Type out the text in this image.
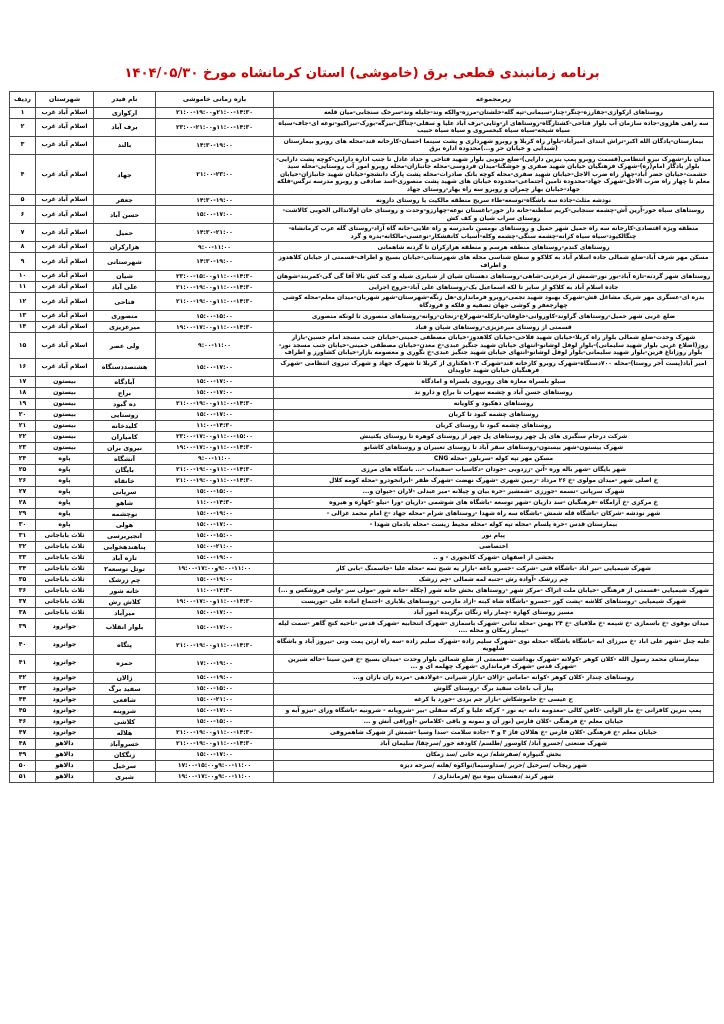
برنامه زمانبندی قطعی برق (خاموشی) استان کرمانشاه مورخ ۱۴۰۴/۰۵/۳۰
زیرمجموعه	بازه زمانی خاموشی	نام فیدر	شهرستان	ردیف
روستاهای ارکوازی-جفارزه-چنگر-چنار-سیمانی-تپه گله-خلشتان-مرزه-والکه وند-جلیله وند-سرخک سنجابی-میان قلعه	۲۱:۰۰-۱۴:۳۰و۱۹:۰۰-۲۱:۰۰	ارکوازی	اسلام آباد غرب	۱
سه راهی هلزوی-جاده سازمان آب بلوار فتاحی-کشتارگاه-روستاهای ار-وثایی-برف آباد علیا و سفلی-چتاگل-بیرگه-بورک-نبراکیو-نوعه ای-جاف-سیاه سیاه شیخه-سیاه سیاه کبخسروی و سیاه سیاه حبیب	۱۱:۰۰-۱۴:۳۰و۲۱:۰۰-۲۳:۰۰	برف آباد	اسلام آباد غرب	۲
بیمارستان-پادگان الله اکبر-تراش ابتدای امیرآباد-بلوار راه کربلا و روبرو شهرداری و پشت سینما احسان-کارخانه قند-محله های روبرو بیمارستان (شیدایی و خیابان حر و...)محدوده اداره برق	۱۴:۳۰-۱۹:۰۰	بالند	اسلام آباد غرب	۳
میدان بار-شهرک نیرو انتظامی(قسمت روبرو پمپ بنزین دارایی)-ضلع جنوبی بلوار شهید فتاحی و حداد عادل تا جنب اداره دارایی-کوچه پشت دارایی-بلوار یادگار امام(ره)-شهرک فرهنگیان خیابان شهید صفری و خوشگنا-میدان فردوسی-محله جانبازان-محله روبرو امور آب روستایی-محله سید حشمت-خیابان خضر آباد-چهار راه ضرب الاجل-خیابان شهید صفری-محله کوچه بانک صادرات-محله پشت پارک دانشجو-خیابان شهید جانبازان-خیابان معلم تا چهار راه ضرب الاجل-شهرک جهاد-محدوده تامین اجتماعی-محدوده خیابان های شهید پشت منصوری-اسد صادقی و روبرو مدرسه نرگس-فلکه جهاد-خیابان بهار چمران و روبرو سه راه بهار-روستای جهاد	۲۱:۰۰-۲۳:۰۰	جهاد	اسلام آباد غرب	۴
نودشه مثلث-جاده سه باشگاه-توسعه-طاء سریح منطقه مالکیت یا روستای دارونه	۱۴:۳۰-۱۹:۰۰	جعفر	اسلام آباد غرب	۵
روستاهای سیاه خور-آرین آش-چشمه سنجابی-کریم سلطنه-خانه دار خور-باغستان نوعه-چهارزو-وحدت و روستای خان اولاندالی الخوبی کالاشت-روستای سراب شیان و کف کش	۱۵:۰۰-۱۷:۰۰	حسن آباد	اسلام آباد غرب	۶
منطقه ویژه اقتصادی-کارخانه سه راه حمیل شهر حمیل و روستاهای بومسن نامدرسه و راه علایی-خانه گاه آزاد-روستای گله عرب کرمانشاه-چنگالکیود-سیاه سیاه کرانه-چشمه سنگی-چشمه وکله-آسیاب کانفشکار-نوعسی-مالکانه-بدره و گرد	۱۴:۳۰-۲۱:۰۰	حمیل	اسلام آباد غرب	۷
روستاهای کندم-روستاهای منطقه هرسم و منطقه هزارکران تا گردنه شاهمانی	۹:۰۰-۱۱:۰۰	هزارکران	اسلام آباد غرب	۸
مسکن مهر شرف آباد-ضلع شمالی جاده اسلام آباد به کلاکو و سطح شناسی محله های شهرستانی-خیابان بسیج و اطراف-قسمتی از خیابان کلاهدوز و اطراف	۱۴:۳۰-۱۹:۰۰	شهرستانی	اسلام آباد غرب	۹
روستاهای شهر گردنه-تازه آباد-بور نور-شمش از مرغزنی-شاهی-روستاهای دهستان شیان از شبابری شیله و کت کش بالا آقا گی گی-کمربند-شوهان	۱۱:۰۰-۱۴:۳۰و۱۵:۰۰-۲۳:۰۰	شیان	اسلام آباد غرب	۱۰
جاده اسلام آباد به کلاکو از سایر تا لکه اسماعیل یک-روستاهای علی آباد-خروج اجرایی	۱۱:۰۰-۱۴:۳۰و۱۹:۰۰-۲۱:۰۰	علی آباد	اسلام آباد غرب	۱۱
بدره ای-عسگری مهر شریک مشاغل قش-شهرک بهبود شهید تجمی-روبرو فرمانداری-هل زنگه-شهرستان-شهر شهربان-میدان معلم-محله کوشی چهارجعفر و کوشی جهان تصفیه و فلکه و فرودگاه	۱۱:۰۰-۱۴:۳۰و۱۹:۰۰-۲۱:۰۰	فتاحی	اسلام آباد غرب	۱۲
ضلع غربی شهر حمیل-روستاهای گراوند-کاوروانی-خاوقان-بارکله-شهرلاغ-زنجان-روانه-روستاهای منصوری تا لونکه منصوری	۱۵:۰۰-۱۵:۰۰	منصوری	اسلام آباد غرب	۱۳
قسمتی از روستای میرعزیزی-روستاهای شیان و قباد	۱۱:۰۰-۱۴:۳۰و۱۷:۰۰-۱۹:۰۰	میرعزیزی	اسلام آباد غرب	۱۴
شهرک وحدت-ضلع شمالی بلوار راه کربلا-خیابان شهید فلاحی-خیابان کلاهدوز-خیابان مصطفی خمینی-خیابان جنب مسجد امام حسین-بازار روز(اضلاع غربی بلوار شهید سلیمانی)-بلوار لوفل لوشانو-انتهای خیابان شهید جنگیز عبدی-خ معدن-خیابان مصطفی خمینی-خیابان جنب مسجد نور-بلوار روزاتاغ فرین-بلوار شهید سلیمانی-بلوار لوفل لوشانو-انتهای خیابان شهید جنگیز عبدی-خ نگوری و معصومه بازار-خیابان کشاورز و اطراف	۹:۰۰-۱۱:۰۰	ولی عصر	اسلام آباد غرب	۱۵
امیر آباد(پست آخر روستا)-محله ۷۰۰دستگاه-شهرک روبرو کارخانه قند-شهرک ۱۰۳هکتاری از کربلا تا شهرک جهاد و شهرک نیروی انتظامی -شهرک فرهنگیان خیابان شهید جاویدان	۱۵:۰۰-۱۷:۰۰	هشتصددستگاه	اسلام آباد غرب	۱۶
سیلو بلسراه مغازه های روبروی بلسراه و امادگاه	۱۵:۰۰-۱۷:۰۰	آبادگاه	بیستون	۱۷
روستاهای حسن آباد و چشمه سهراب تا براج و دارو ند	۱۵:۰۰-۱۷:۰۰	براج	بیستون	۱۸
روستاهای دهکبود و کاویانه	۱۱:۰۰-۱۴:۳۰و۱۹:۰۰-۲۱:۰۰	ده گبود	بیستون	۱۹
روستاهای چشمه کبود تا کربان	۱۵:۰۰-۱۷:۰۰	روستایی	بیستون	۲۰
روستاهای چشمه کبود تا روستای کربان	۱۱:۰۰-۱۴:۳۰	کلیدخانه	بیستون	۲۱
شرکت درجام سنگبری های پل چهر روستاهای پل چهر از روستای کوهره تا روستای یکتینش	۱۱:۰۰-۱۵:۰۰و۱۷:۰۰-۲۳:۰۰	کامیاران	بیستون	۲۲
شهرک بیستون-شهر بیستون-روستاهای سقر آباد تا روستای تعبیران و روستاهای کاشانو	۱۱:۰۰-۱۴:۳۰و۱۷:۰۰-۱۹:۰۰	نیروی بران	بیستون	۲۳
مسکن مهر تپه کوله -سربلور -محله CNG	۹:۰۰-۱۱:۰۰	آتشگاه	پاوه	۲۴
شهر بایگان -شهر باله وره -آتن -زردویی -خودان -دکاسیاب -سفیداب -... باشگاه های مرزی	۱۱:۰۰-۱۴:۳۰و۱۹:۰۰-۲۱:۰۰	بایگان	پاوه	۲۵
خ اصلی شهر -میدان مولوی -خ ۲۶ مرداد -زمین شهری -شهرک نهضت -شهرک ظفر -ایرانخودرو -محله کومه کلال	۱۱:۰۰-۱۴:۳۰و۱۹:۰۰-۲۱:۰۰	خانقاه	پاوه	۲۶
شهرک سرپانی -نسمه -جورزی -شمشیر -خره بیان و چیلانه -میر عبدلی -لاران -خیوان و...	۱۵:۰۰-۱۵:۰۰	سرپانی	پاوه	۲۷
خ مرکزی -خ آرامگاه -فرهنگیان -سد داریان -شهر توسعه -باشگاه های شوشمی -داریان -ورا -نیلو -کهاره و هیروه	۱۱:۰۰-۱۴:۳۰	شاهو	پاوه	۲۸
شهر نودشه -شرکان -باشگاه قله شمش -باشگاه سه راه شهدا -روستاهای شرام -محله جهاد -خ امام محمد غزالی -	۱۵:۰۰-۱۹:۰۰	نوچشمه	پاوه	۲۹
بیمارستان قدس -خره پلسام -محله تپه کوله -محله محیط زیست -محله یادمان شهدا -	۱۵:۰۰-۱۷:۰۰	هولی	پاوه	۳۰
پیام نور	۱۵:۰۰-۱۵:۰۰	انجیربرسی	ثلاث باباجانی	۳۱
اختصاصی	۱۵:۰۰-۲۱:۰۰	پناهندهخوابی	ثلاث باباجانی	۳۲
بخشی از اصفهان -شهرک کانجوری - و ..	۱۵:۰۰-۱۹:۰۰	تازه آباد	ثلاث باباجانی	۳۳
شهرک شیمیایی -نیر اباد -باشگاه فنی -شرکت -خسرو باغه -بازار یه شبح نمه -محله علیا -جاسمنگ -بابی کار	۹:۰۰-۱۱:۰۰و۱۷:۰۰-۱۹:۰۰	توتل توسعه۲	ثلاث باباجانی	۳۴
چم زرشک -آواده رش -جنبه لمه شمالی -چم زرشک	۱۵:۰۰-۱۹:۰۰	چم زرشک	ثلاث باباجانی	۳۵
شهرک شیمیایی -قسمتی از فرهنگی -خیابان ملت اتراک -مرکز شهر -روستاهای بخش خانه شور (چکله -خانه شور -مولی سر -وایی فروشکس و ...)	۱۱:۰۰-۱۴:۳۰	خانه شور	ثلاث باباجانی	۳۶
شهرک شیمیایی -روستاهای کلاشه -پشت کور -خسرو -باشگاه شاه کینه -ازاد مازمی -روستاهای بلاباری -اجتماع اماده غلی -توریست	۱۱:۰۰-۱۴:۳۰و۱۷:۰۰-۱۹:۰۰	کلاش رش	ثلاث باباجانی	۳۷
مسیر روستای کهاره -چمار راه زنگان برگزیده امور آباد	۱۵:۰۰-۱۷:۰۰	میرآباد	ثلاث باباجانی	۳۸
میدان بوقوی -خ باسمازی -خ شیمه -خ ملافیای -خ ۲۴ بهمن -محله تنانی -شهرک باسمازی -شهرک انتخابیه -شهرک قدس -ناحیه کنج گاهر -سمت لیله -بیمار زمکان و محله ....	۱۵:۰۰-۱۷:۰۰	بلوار انقلاب	جوانرود	۳۹
علیه چنل -شهر علی اباد -خ میرزای ابه -باشگاه باشگاه -محله نوی -شهرک سلیم زاده -شهرک سلیم زاده -سه راه ارتن پمت ونی -نیروز آباد و باشگاه شلهویه	۱۱:۰۰-۱۴:۳۰و۱۹:۰۰-۲۱:۰۰	پتگاه	جوانرود	۴۰
بیمارستان محمد رسول الله -کلان کوهر -کولاته -شهرک بهداشت -قسمتی از ضلع شمالی بلوار وحدت -میدان بسیج -خ فین سینا -خاله شیرین -شهرک قدس -شهرک فرمانداری -شهرک چهلمه ای و ...	۱۷:۰۰-۱۹:۰۰	حمزه	جوانرود	۴۱
روستاهای چندار -کلان کوهر -کوانه -ماماس -ژالان -بازار شیرانی -غولادهی -مرده ران بازان و...	۱۵:۰۰-۱۹:۰۰	ژالان	جوانرود	۴۲
پیاز آب باغات سفید برگ -روستای گلوش	۱۵:۰۰-۱۵:۰۰	سفید برگ	جوانرود	۴۳
ح عیسی -خ خاموشکاش -بازار جم بردی -خورد یا کرغه	۱۵:۰۰-۲۱:۰۰	شافعی	جوانرود	۴۴
پمپ بنزین کافرانی -خ مار الوایی -کافن کالی -معدومه دانه -یه نور - کرکه علیا و کرکه سفلی -بیر -شرویانه - شرونیه -باشگاه ورای -نیزو آبه و	۱۵:۰۰-۱۷:۰۰	شروینه	جوانرود	۴۵
خیابان معلم -خ فرهنگی -کلان فارس (نور آن و نمونه و باقی -کلاماس -آوراقی آنش و ...	۱۵:۰۰-۱۵:۰۰	کلاشی	جوانرود	۴۶
خیابان معلم -خ فرهنگی -کلان فارس -خ هلالان فاز ۳ و ۴ -جاده سلامت -سدا وسیا -شمش از شهرک شاهمروفی	۱۱:۰۰-۱۴:۳۰و۱۹:۰۰-۲۱:۰۰	هلاله	جوانرود	۴۷
شهرک صنعتی /خسرو آباد/ کاوسور /طلسم/ کاودفه خور /سرچقا/ سلیمان آباد	۱۱:۰۰-۱۴:۳۰و۱۹:۰۰-۲۱:۰۰	خسروآباد	دالاهو	۴۸
بخش گنیواره /صفرشله/ تریه خانی /سد زمکان	۱۵:۰۰-۱۷:۰۰	زنگکان	دالاهو	۴۹
شهر ریجاب /سرخیل /حربر /صداوسیما/نواکوه /هلته /سرخه دیزه	۹:۰۰-۱۱:۰۰و۱۵:۰۰-۱۷:۰۰	سرخیل	دالاهو	۵۰
شهر کرند /دهستان بیوه نیج /فرمانداری /	۹:۰۰-۱۱:۰۰و۱۷:۰۰-۱۹:۰۰	شبری	دالاهو	۵۱
